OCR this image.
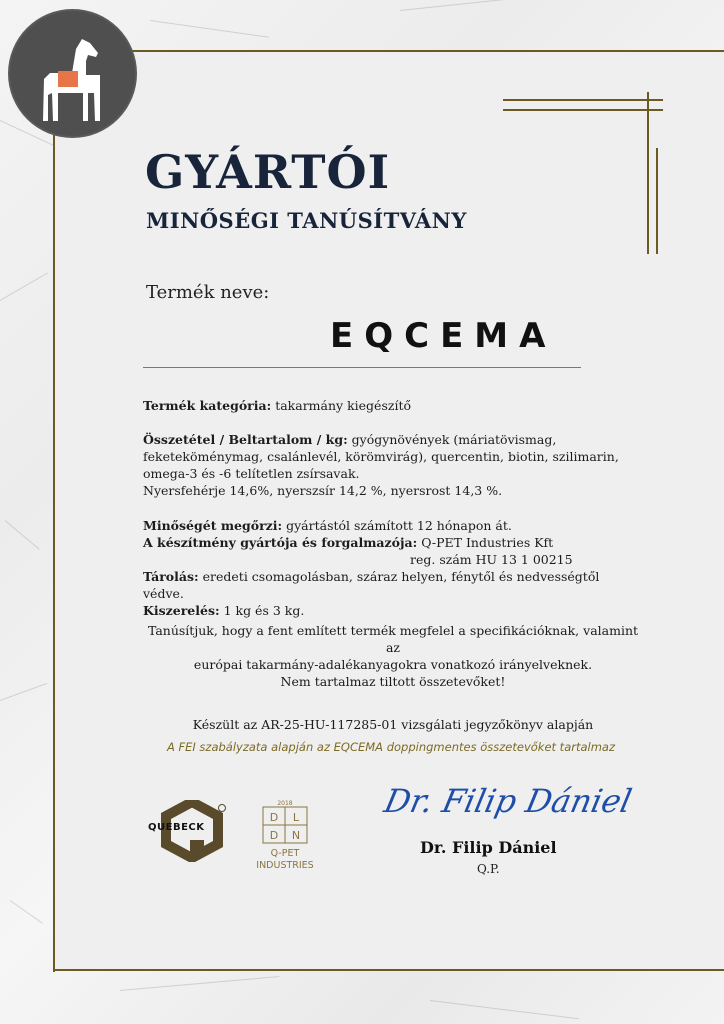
GYÁRTÓI
MINŐSÉGI TANÚSÍTVÁNY
Termék neve:
EQCEMA
Termék kategória: takarmány kiegészítő
Összetétel / Beltartalom / kg: gyógynövények (máriatövismag,
feketeköménymag, csalánlevél, körömvirág), quercentin, biotin, szilimarin,
omega-3 és -6 telítetlen zsírsavak.
Nyersfehérje 14,6%, nyerszsír 14,2 %, nyersrost 14,3 %.
Minőségét megőrzi: gyártástól számított 12 hónapon át.
A készítmény gyártója és forgalmazója: Q-PET Industries Kft
reg. szám HU 13 1 00215
Tárolás: eredeti csomagolásban, száraz helyen, fénytől és nedvességtől védve.
Kiszerelés: 1 kg és 3 kg.
Tanúsítjuk, hogy a fent említett termék megfelel a specifikációknak, valamint az
európai takarmány-adalékanyagokra vonatkozó irányelveknek.
Nem tartalmaz tiltott összetevőket!
Készült az AR-25-HU-117285-01 vizsgálati jegyzőkönyv alapján
A FEI szabályzata alapján az EQCEMA doppingmentes összetevőket tartalmaz
QUEBECK
2018
D L
D N
Q-PET
INDUSTRIES
Dr. Filip Dániel
Dr. Filip Dániel
Q.P.
